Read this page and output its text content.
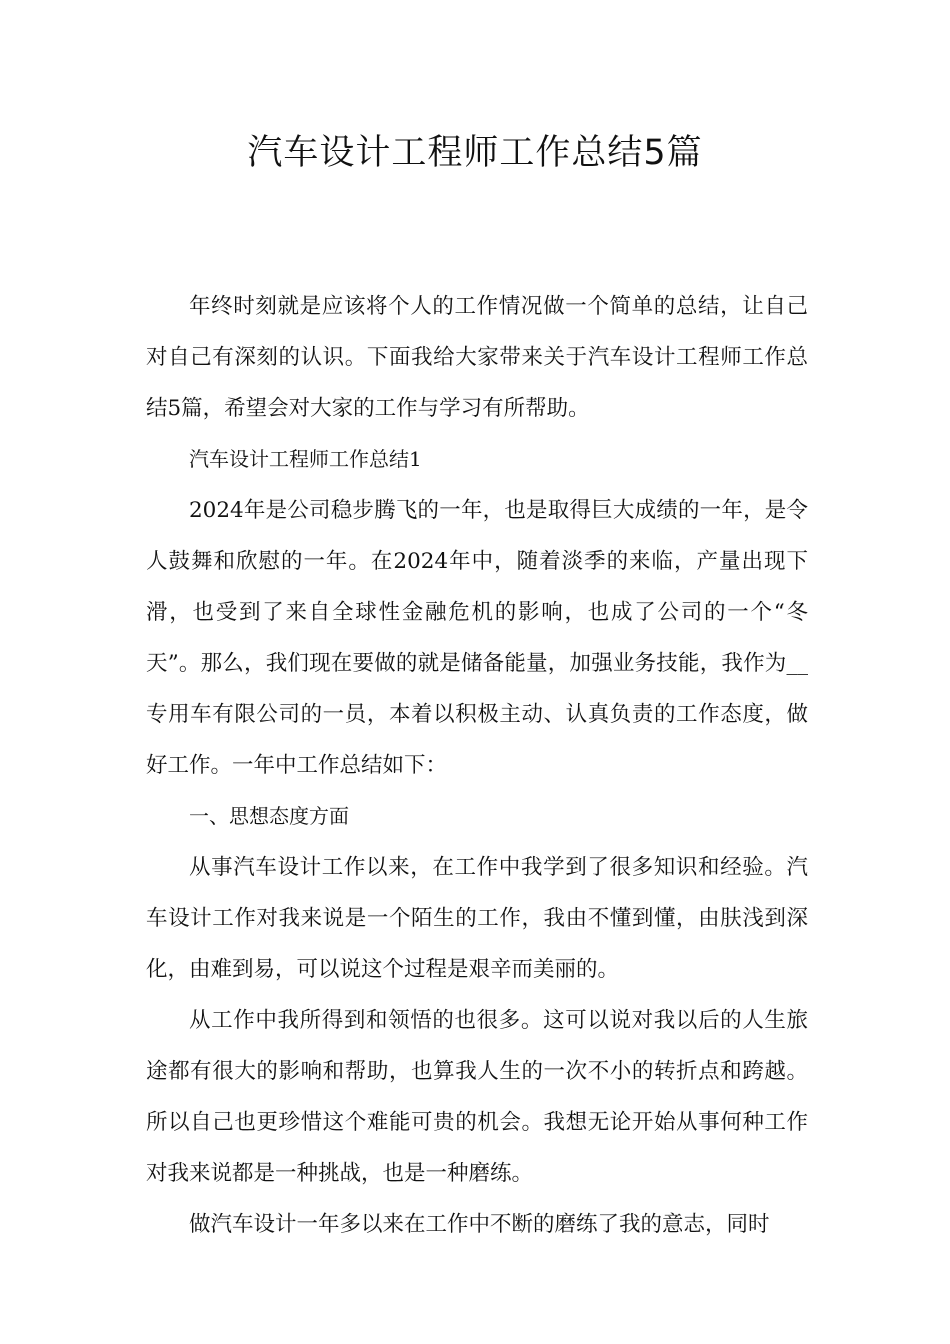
汽车设计工程师工作总结5篇

年终时刻就是应该将个人的工作情况做一个简单的总结，让自己对自己有深刻的认识。下面我给大家带来关于汽车设计工程师工作总结5篇，希望会对大家的工作与学习有所帮助。

汽车设计工程师工作总结1

2024年是公司稳步腾飞的一年，也是取得巨大成绩的一年，是令人鼓舞和欣慰的一年。在2024年中，随着淡季的来临，产量出现下滑，也受到了来自全球性金融危机的影响，也成了公司的一个“冬天”。那么，我们现在要做的就是储备能量，加强业务技能，我作为__专用车有限公司的一员，本着以积极主动、认真负责的工作态度，做好工作。一年中工作总结如下：

一、思想态度方面

从事汽车设计工作以来，在工作中我学到了很多知识和经验。汽车设计工作对我来说是一个陌生的工作，我由不懂到懂，由肤浅到深化，由难到易，可以说这个过程是艰辛而美丽的。

从工作中我所得到和领悟的也很多。这可以说对我以后的人生旅途都有很大的影响和帮助，也算我人生的一次不小的转折点和跨越。所以自己也更珍惜这个难能可贵的机会。我想无论开始从事何种工作对我来说都是一种挑战，也是一种磨练。

做汽车设计一年多以来在工作中不断的磨练了我的意志，同时
